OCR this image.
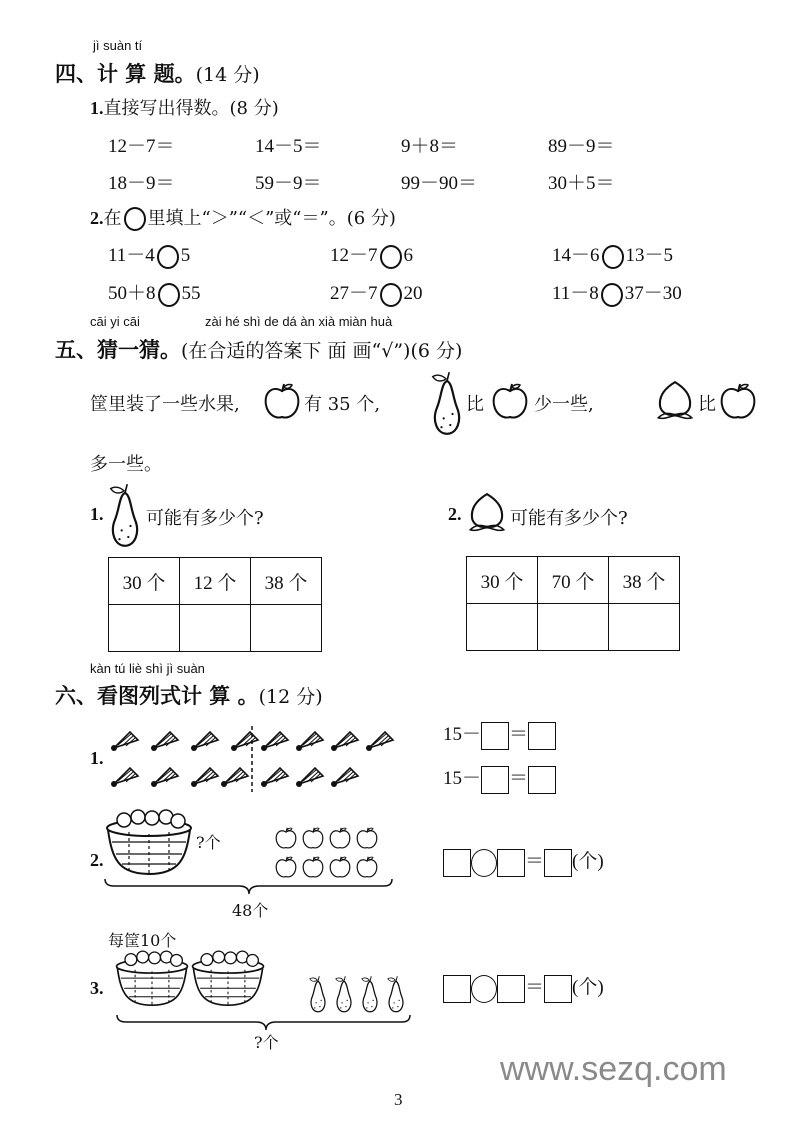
jì suàn tí
四、计 算 题。(14 分)
1.直接写出得数。(8 分)
12－7＝	14－5＝	9＋8＝	89－9＝
18－9＝	59－9＝	99－90＝	30＋5＝
2.在 里填上“＞”“＜”或“＝”。(6 分)
11－4 5	12－7 6	14－6 13－5
50＋8 55	27－7 20	11－8 37－30
cāi yi cāi	zài hé shì de dá àn xià miàn huà
五、猜一猜。(在合适的答案下 面 画“√”)(6 分)
筐里装了一些水果,	有 35 个,	比	少一些,	比
多一些。
1. 可能有多少个?
30 个	12 个	38 个

2.	可能有多少个?
30 个	70 个	38 个

kàn tú liè shì jì suàn
六、看图列式计 算 。(12 分)
1.
15－ ＝
15－ ＝
2.
?个
48个
＝ (个)
每筐10个
3.
?个
＝ (个)
www.sezq.com
3
